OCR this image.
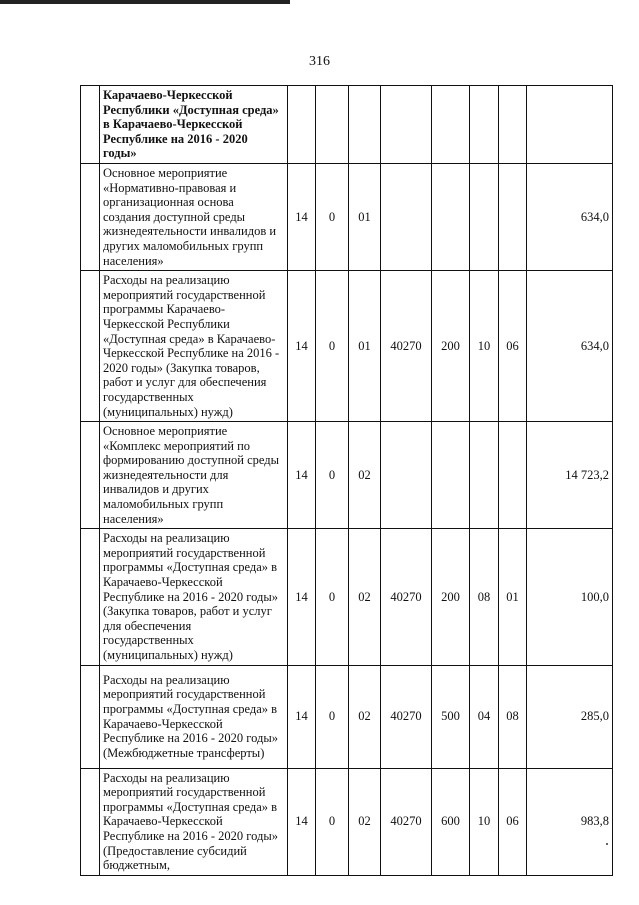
316
	Карачаево-Черкесской Республики «Доступная среда» в Карачаево-Черкесской Республике на 2016 - 2020 годы»								
	Основное мероприятие «Нормативно-правовая и организационная основа создания доступной среды жизнедеятельности инвалидов и других маломобильных групп населения»	14	0	01					634,0
	Расходы на реализацию мероприятий государственной программы Карачаево-Черкесской Республики «Доступная среда» в Карачаево-Черкесской Республике на 2016 - 2020 годы» (Закупка товаров, работ и услуг для обеспечения государственных (муниципальных) нужд)	14	0	01	40270	200	10	06	634,0
	Основное мероприятие «Комплекс мероприятий по формированию доступной среды жизнедеятельности для инвалидов и других маломобильных групп населения»	14	0	02					14 723,2
	Расходы на реализацию мероприятий государственной программы «Доступная среда» в Карачаево-Черкесской Республике на 2016 - 2020 годы» (Закупка товаров, работ и услуг для обеспечения государственных (муниципальных) нужд)	14	0	02	40270	200	08	01	100,0
	Расходы на реализацию мероприятий государственной программы «Доступная среда» в Карачаево-Черкесской Республике на 2016 - 2020 годы» (Межбюджетные трансферты)	14	0	02	40270	500	04	08	285,0
	Расходы на реализацию мероприятий государственной программы «Доступная среда» в Карачаево-Черкесской Республике на 2016 - 2020 годы» (Предоставление субсидий бюджетным,	14	0	02	40270	600	10	06	983,8
